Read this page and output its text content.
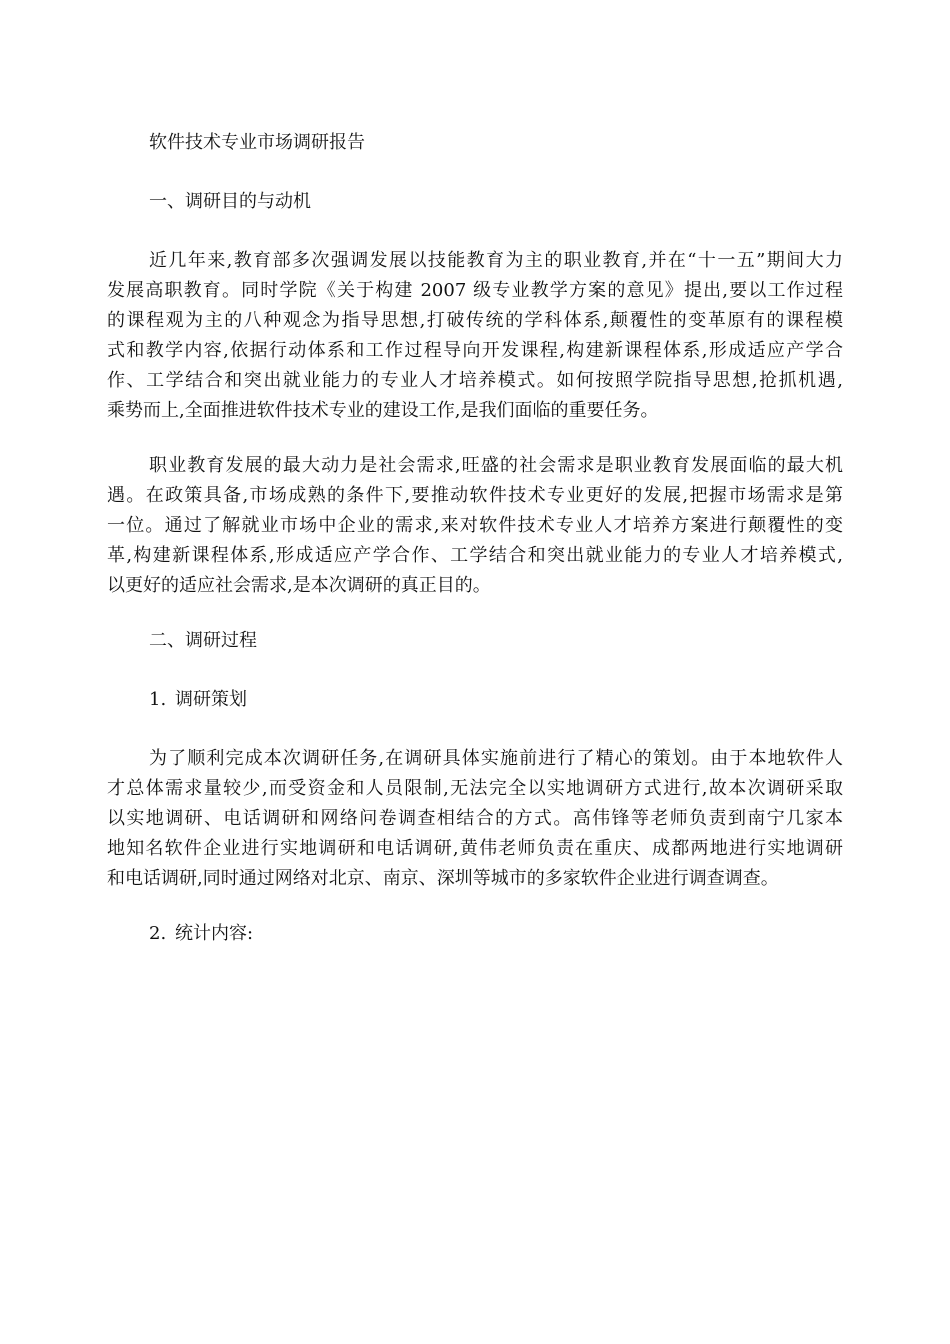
软件技术专业市场调研报告
一、调研目的与动机
近几年来,教育部多次强调发展以技能教育为主的职业教育,并在“十一五”期间大力
发展高职教育。同时学院《关于构建 2007 级专业教学方案的意见》提出,要以工作过程
的课程观为主的八种观念为指导思想,打破传统的学科体系,颠覆性的变革原有的课程模
式和教学内容,依据行动体系和工作过程导向开发课程,构建新课程体系,形成适应产学合
作、工学结合和突出就业能力的专业人才培养模式。如何按照学院指导思想,抢抓机遇,
乘势而上,全面推进软件技术专业的建设工作,是我们面临的重要任务。
职业教育发展的最大动力是社会需求,旺盛的社会需求是职业教育发展面临的最大机
遇。在政策具备,市场成熟的条件下,要推动软件技术专业更好的发展,把握市场需求是第
一位。通过了解就业市场中企业的需求,来对软件技术专业人才培养方案进行颠覆性的变
革,构建新课程体系,形成适应产学合作、工学结合和突出就业能力的专业人才培养模式,
以更好的适应社会需求,是本次调研的真正目的。
二、调研过程
1. 调研策划
为了顺利完成本次调研任务,在调研具体实施前进行了精心的策划。由于本地软件人
才总体需求量较少,而受资金和人员限制,无法完全以实地调研方式进行,故本次调研采取
以实地调研、电话调研和网络问卷调查相结合的方式。高伟锋等老师负责到南宁几家本
地知名软件企业进行实地调研和电话调研,黄伟老师负责在重庆、成都两地进行实地调研
和电话调研,同时通过网络对北京、南京、深圳等城市的多家软件企业进行调查调查。
2. 统计内容:
